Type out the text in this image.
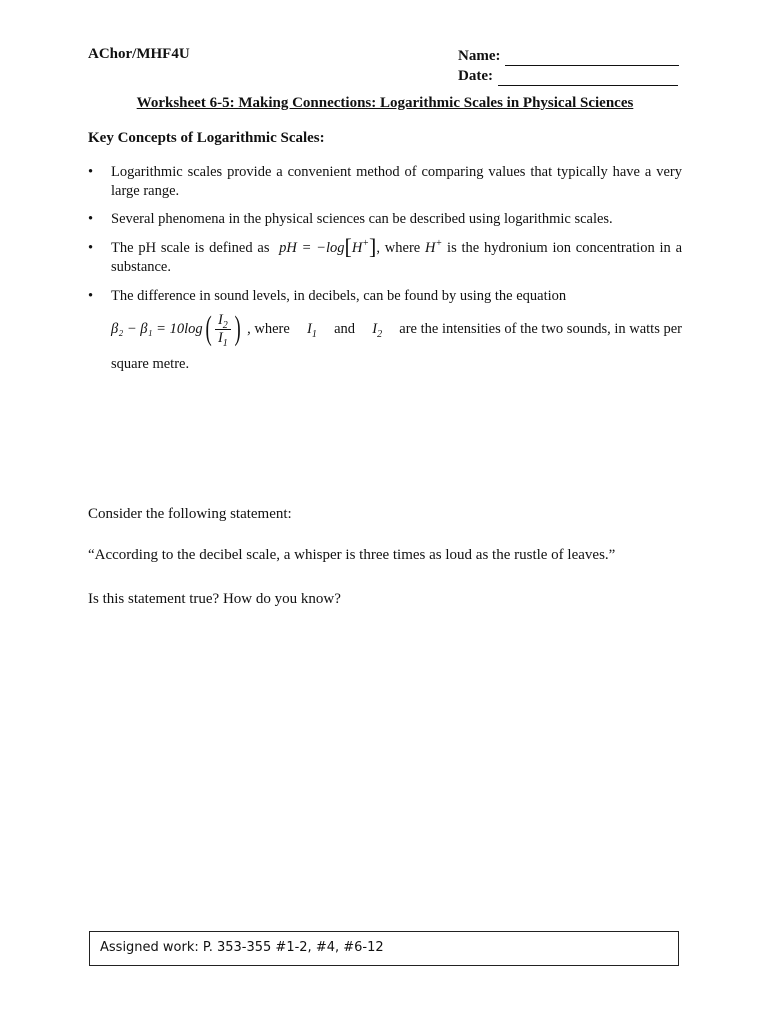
AChor/MHF4U	Name:
Date:
Worksheet 6-5: Making Connections: Logarithmic Scales in Physical Sciences
Key Concepts of Logarithmic Scales:
• Logarithmic scales provide a convenient method of comparing values that typically have a very large range.
• Several phenomena in the physical sciences can be described using logarithmic scales.
• The pH scale is defined as pH = −log[H+], where H+ is the hydronium ion concentration in a substance.
• The difference in sound levels, in decibels, can be found by using the equation
β₂ − β₁ = 10log ( $\frac{I_2}{I_1}$ ) , where $I_1$ and $I_2$ are the intensities of the two sounds, in watts per
square metre.
Consider the following statement:
“According to the decibel scale, a whisper is three times as loud as the rustle of leaves.”
Is this statement true? How do you know?
Assigned work: P. 353-355 #1-2, #4, #6-12
